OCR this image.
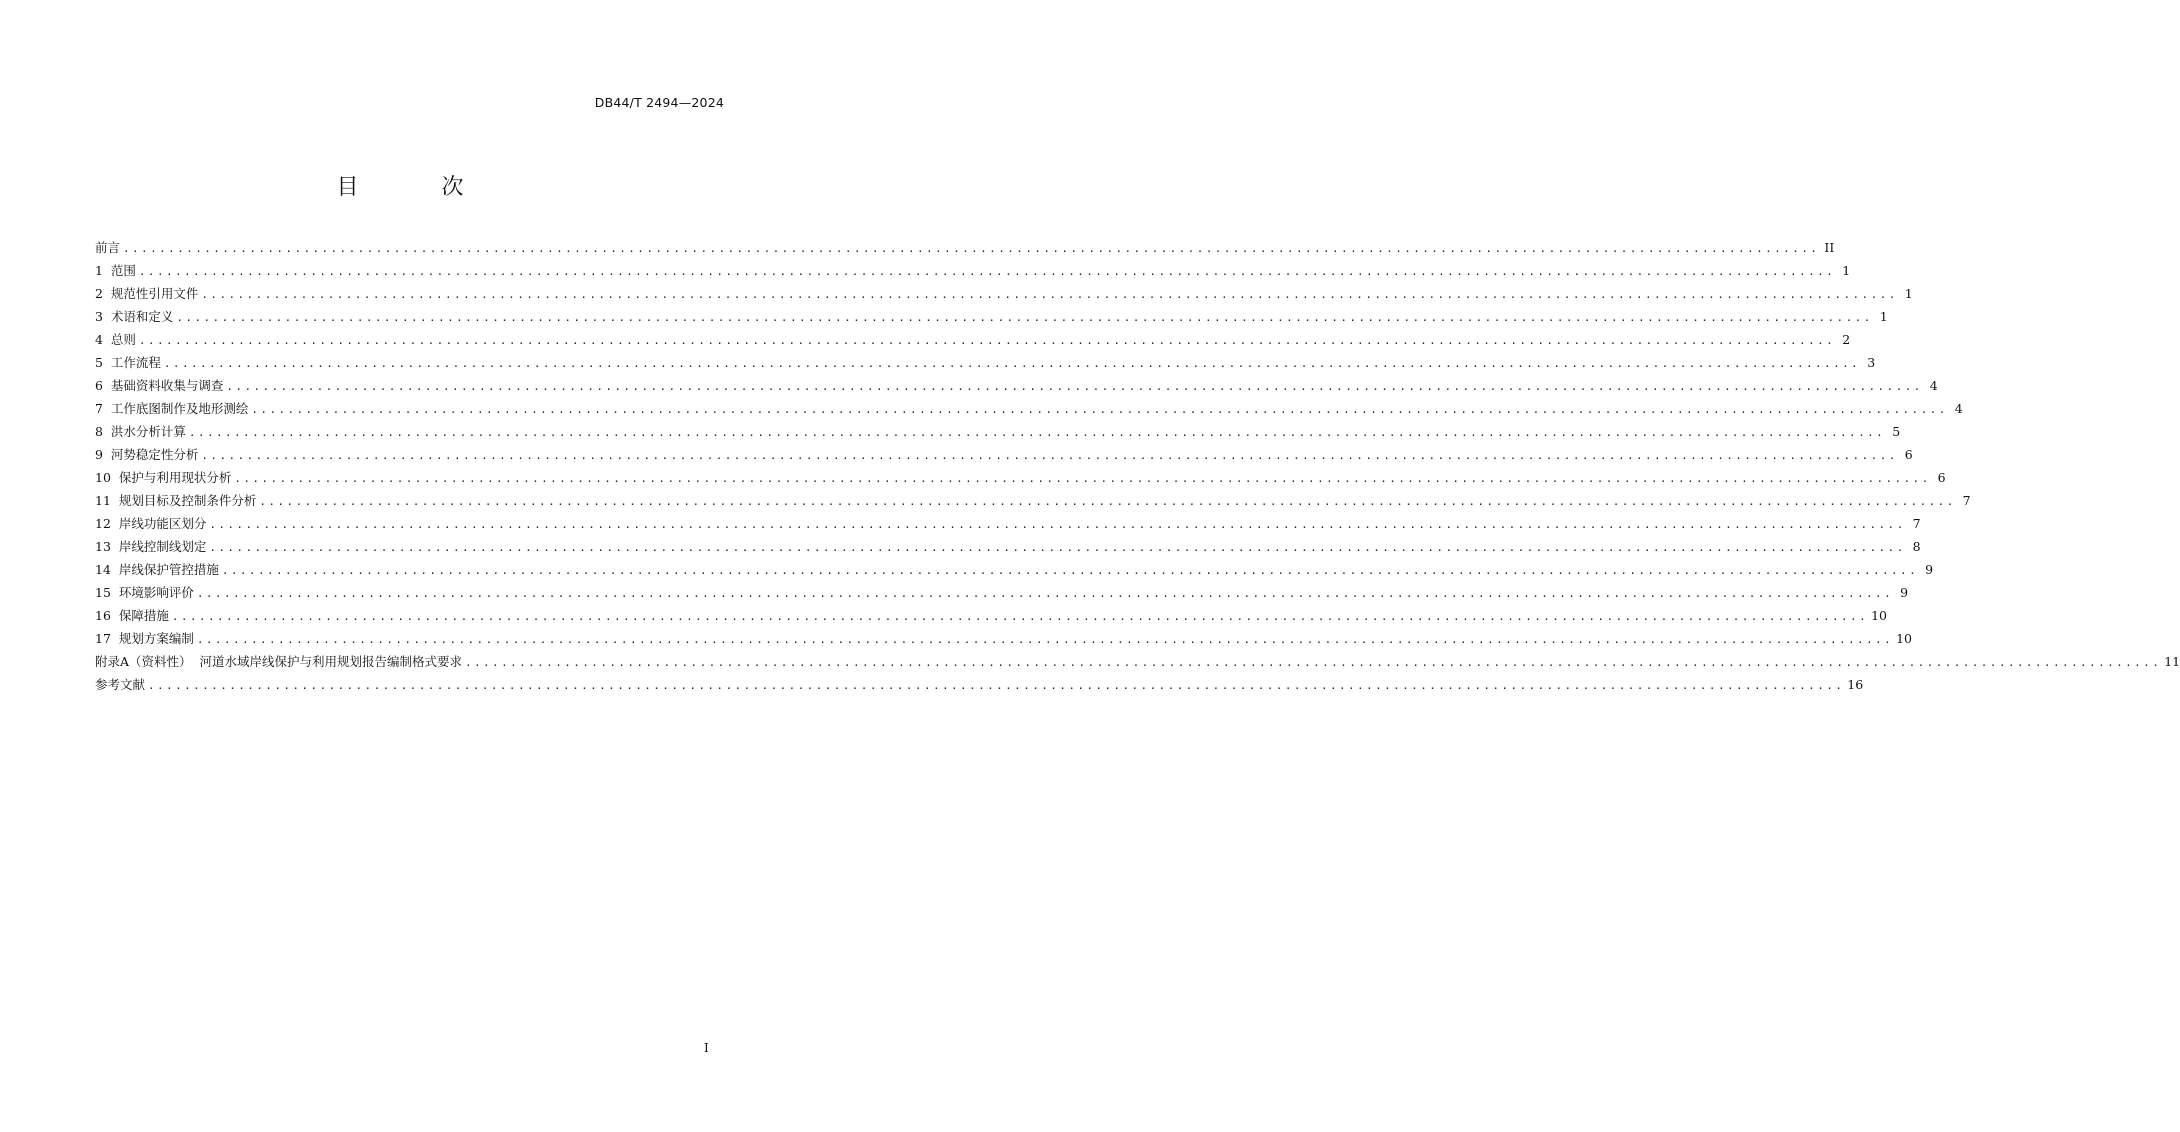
DB44/T 2494—2024
目 次
前言 ............................................................................................................................................................................................ II
1  范围 ............................................................................................................................................................................................ 1
2  规范性引用文件 ............................................................................................................................................................................................ 1
3  术语和定义 ............................................................................................................................................................................................ 1
4  总则 ............................................................................................................................................................................................ 2
5  工作流程 ............................................................................................................................................................................................ 3
6  基础资料收集与调查 ............................................................................................................................................................................................ 4
7  工作底图制作及地形测绘 ............................................................................................................................................................................................ 4
8  洪水分析计算 ............................................................................................................................................................................................ 5
9  河势稳定性分析 ............................................................................................................................................................................................ 6
10  保护与利用现状分析 ............................................................................................................................................................................................ 6
11  规划目标及控制条件分析 ............................................................................................................................................................................................ 7
12  岸线功能区划分 ............................................................................................................................................................................................ 7
13  岸线控制线划定 ............................................................................................................................................................................................ 8
14  岸线保护管控措施 ............................................................................................................................................................................................ 9
15  环境影响评价 ............................................................................................................................................................................................ 9
16  保障措施 ............................................................................................................................................................................................ 10
17  规划方案编制 ............................................................................................................................................................................................ 10
附录A（资料性）  河道水域岸线保护与利用规划报告编制格式要求 ............................................................................................................................................................................................ 11
参考文献 ............................................................................................................................................................................................ 16
I
